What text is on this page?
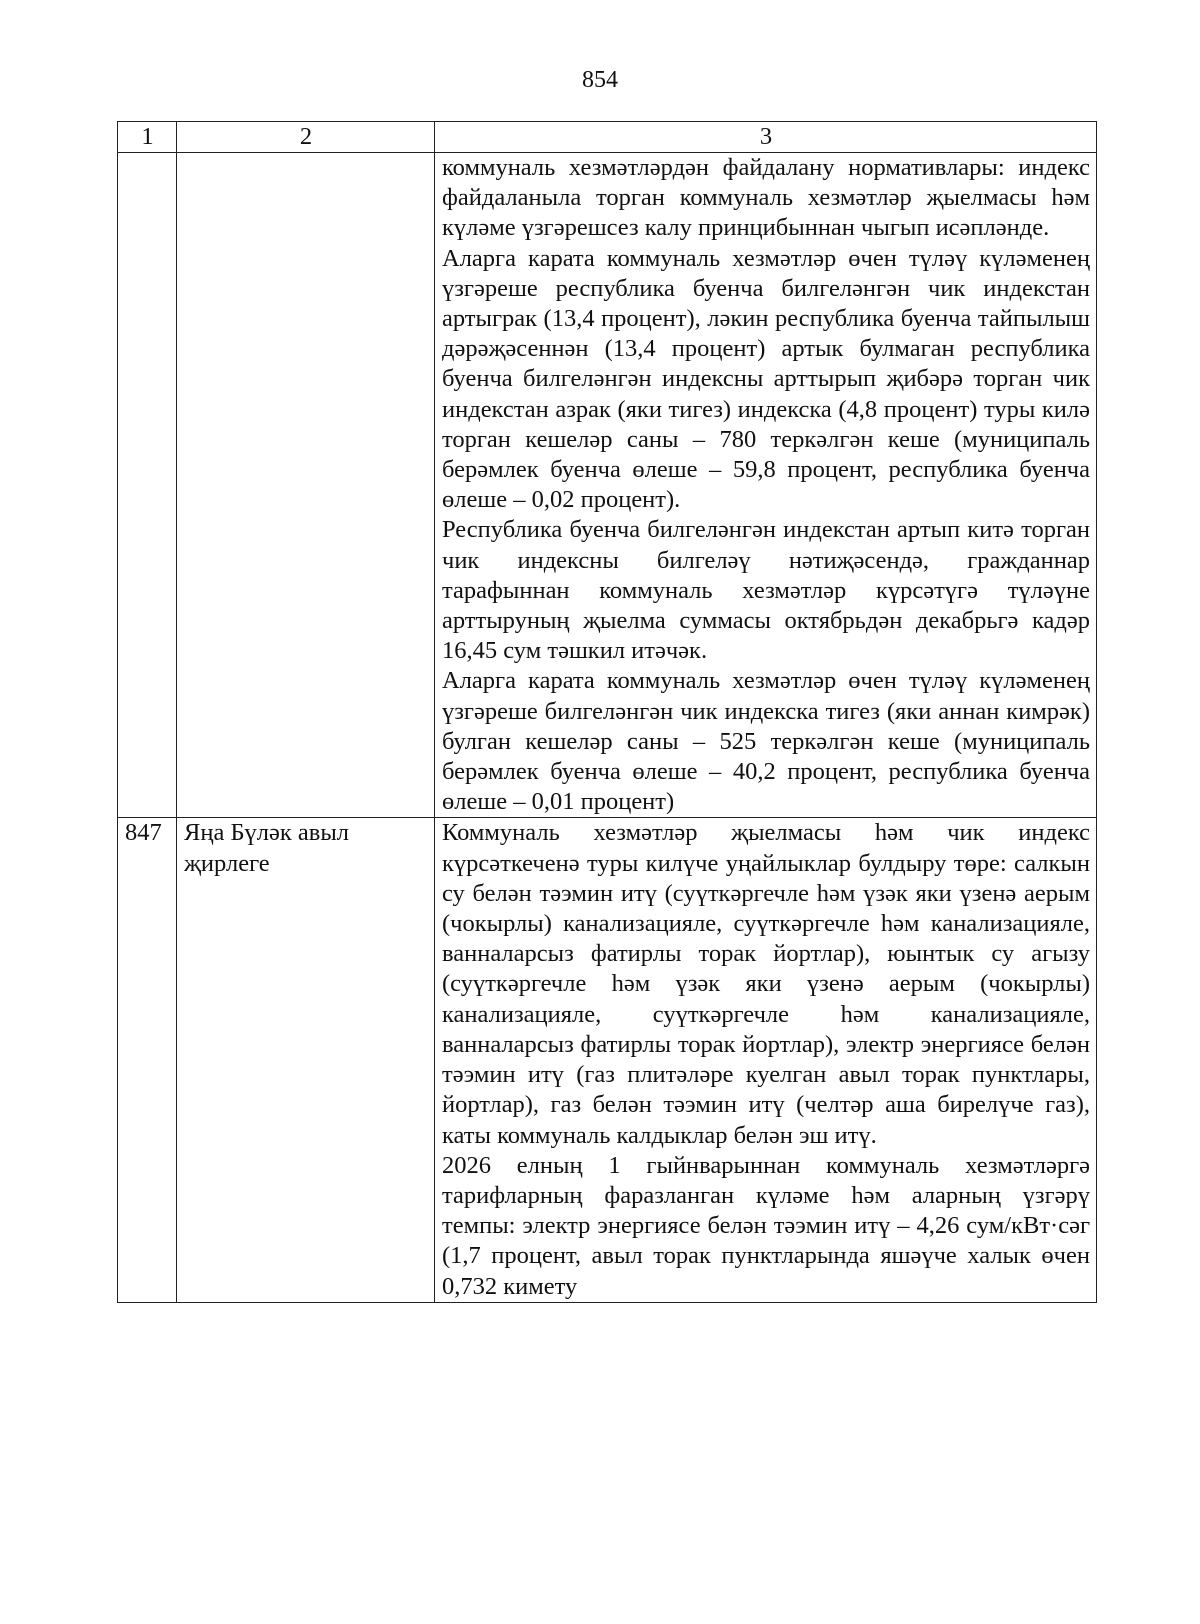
854
1	2	3

		коммуналь хезмәтләрдән файдалану нормативлары: индекс файдаланыла торган коммуналь хезмәтләр җыелмасы һәм күләме үзгәрешсез калу принцибыннан чыгып исәпләнде.

Аларга карата коммуналь хезмәтләр өчен түләү күләменең үзгәреше республика буенча билгеләнгән чик индекстан артыграк (13,4 процент), ләкин республика буенча тайпылыш дәрәҗәсеннән (13,4 процент) артык булмаган республика буенча билгеләнгән индексны арттырып җибәрә торган чик индекстан азрак (яки тигез) индекска (4,8 процент) туры килә торган кешеләр саны – 780 теркәлгән кеше (муниципаль берәмлек буенча өлеше – 59,8 процент, республика буенча өлеше – 0,02 процент).

Республика буенча билгеләнгән индекстан артып китә торган чик индексны билгеләү нәтиҗәсендә, гражданнар тарафыннан коммуналь хезмәтләр күрсәтүгә түләүне арттыруның җыелма суммасы октябрьдән декабрьгә кадәр 16,45 сум тәшкил итәчәк.

Аларга карата коммуналь хезмәтләр өчен түләү күләменең үзгәреше билгеләнгән чик индекска тигез (яки аннан кимрәк) булган кешеләр саны – 525 теркәлгән кеше (муниципаль берәмлек буенча өлеше – 40,2 процент, республика буенча өлеше – 0,01 процент)

847	Яңа Бүләк авыл җирлеге	Коммуналь хезмәтләр җыелмасы һәм чик индекс күрсәткеченә туры килүче уңайлыклар булдыру төре: салкын су белән тәэмин итү (суүткәргечле һәм үзәк яки үзенә аерым (чокырлы) канализацияле, суүткәргечле һәм канализацияле, ванналарсыз фатирлы торак йортлар), юынтык су агызу (суүткәргечле һәм үзәк яки үзенә аерым (чокырлы) канализацияле, суүткәргечле һәм канализацияле, ванналарсыз фатирлы торак йортлар), электр энергиясе белән тәэмин итү (газ плитәләре куелган авыл торак пунктлары, йортлар), газ белән тәэмин итү (челтәр аша бирелүче газ), каты коммуналь калдыклар белән эш итү.

2026 елның 1 гыйнварыннан коммуналь хезмәтләргә тарифларның фаразланган күләме һәм аларның үзгәрү темпы: электр энергиясе белән тәэмин итү – 4,26 сум/кВт·сәг (1,7 процент, авыл торак пунктларында яшәүче халык өчен 0,732 кимету
